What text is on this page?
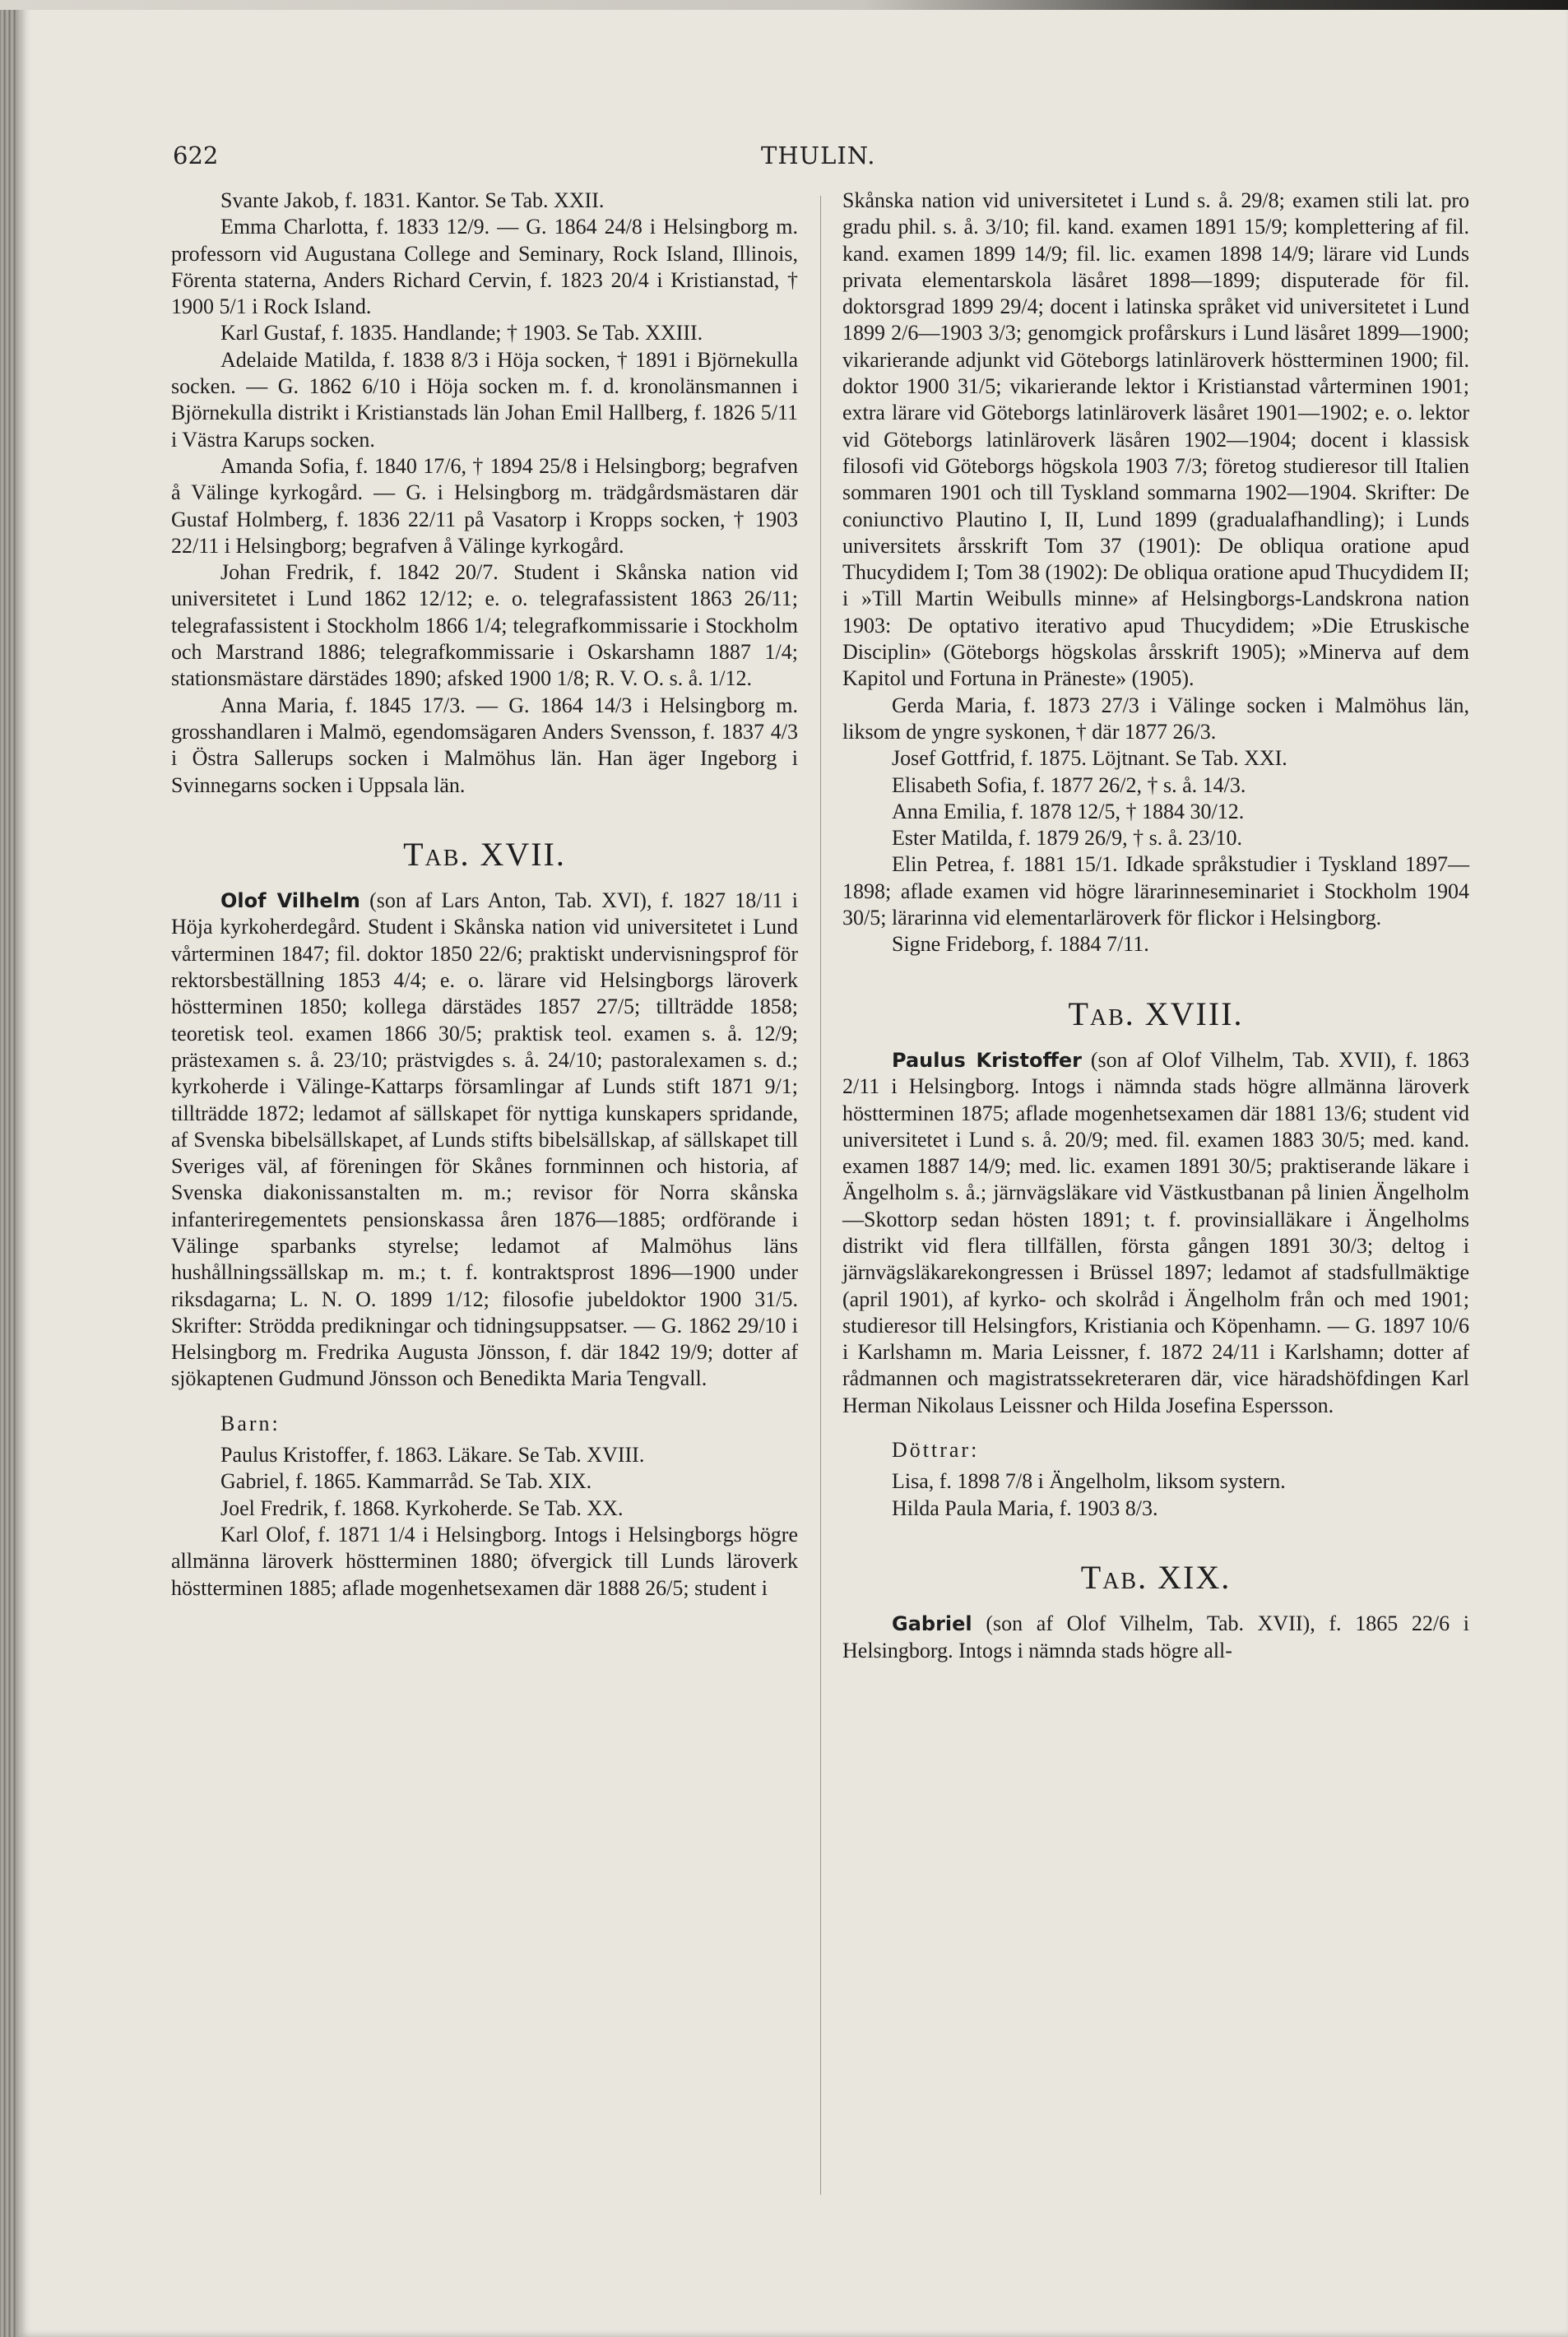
622	THULIN.

Svante Jakob, f. 1831. Kantor. Se Tab. XXII.

Emma Charlotta, f. 1833 12/9. — G. 1864 24/8 i Helsingborg m. professorn vid Augustana College and Seminary, Rock Island, Illinois, Förenta staterna, Anders Richard Cervin, f. 1823 20/4 i Kristianstad, † 1900 5/1 i Rock Island.

Karl Gustaf, f. 1835. Handlande; † 1903. Se Tab. XXIII.

Adelaide Matilda, f. 1838 8/3 i Höja socken, † 1891 i Björnekulla socken. — G. 1862 6/10 i Höja socken m. f. d. kronolänsmannen i Björnekulla distrikt i Kristianstads län Johan Emil Hallberg, f. 1826 5/11 i Västra Karups socken.

Amanda Sofia, f. 1840 17/6, † 1894 25/8 i Helsingborg; begrafven å Välinge kyrkogård. — G. i Helsingborg m. trädgårdsmästaren där Gustaf Holmberg, f. 1836 22/11 på Vasatorp i Kropps socken, † 1903 22/11 i Helsingborg; begrafven å Välinge kyrkogård.

Johan Fredrik, f. 1842 20/7. Student i Skånska nation vid universitetet i Lund 1862 12/12; e. o. telegrafassistent 1863 26/11; telegrafassistent i Stockholm 1866 1/4; telegrafkommissarie i Stockholm och Marstrand 1886; telegrafkommissarie i Oskarshamn 1887 1/4; stationsmästare därstädes 1890; afsked 1900 1/8; R. V. O. s. å. 1/12.

Anna Maria, f. 1845 17/3. — G. 1864 14/3 i Helsingborg m. grosshandlaren i Malmö, egendomsägaren Anders Svensson, f. 1837 4/3 i Östra Sallerups socken i Malmöhus län. Han äger Ingeborg i Svinnegarns socken i Uppsala län.

Tab. XVII.

Olof Vilhelm (son af Lars Anton, Tab. XVI), f. 1827 18/11 i Höja kyrkoherdegård. Student i Skånska nation vid universitetet i Lund vårterminen 1847; fil. doktor 1850 22/6; praktiskt undervisningsprof för rektorsbeställning 1853 4/4; e. o. lärare vid Helsingborgs läroverk höstterminen 1850; kollega därstädes 1857 27/5; tillträdde 1858; teoretisk teol. examen 1866 30/5; praktisk teol. examen s. å. 12/9; prästexamen s. å. 23/10; prästvigdes s. å. 24/10; pastoralexamen s. d.; kyrkoherde i Välinge-Kattarps församlingar af Lunds stift 1871 9/1; tillträdde 1872; ledamot af sällskapet för nyttiga kunskapers spridande, af Svenska bibelsällskapet, af Lunds stifts bibelsällskap, af sällskapet till Sveriges väl, af föreningen för Skånes fornminnen och historia, af Svenska diakonissanstalten m. m.; revisor för Norra skånska infanteriregementets pensionskassa åren 1876—1885; ordförande i Välinge sparbanks styrelse; ledamot af Malmöhus läns hushållningssällskap m. m.; t. f. kontraktsprost 1896—1900 under riksdagarna; L. N. O. 1899 1/12; filosofie jubeldoktor 1900 31/5. Skrifter: Strödda predikningar och tidningsuppsatser. — G. 1862 29/10 i Helsingborg m. Fredrika Augusta Jönsson, f. där 1842 19/9; dotter af sjökaptenen Gudmund Jönsson och Benedikta Maria Tengvall.

Barn:

Paulus Kristoffer, f. 1863. Läkare. Se Tab. XVIII.

Gabriel, f. 1865. Kammarråd. Se Tab. XIX.

Joel Fredrik, f. 1868. Kyrkoherde. Se Tab. XX.

Karl Olof, f. 1871 1/4 i Helsingborg. Intogs i Helsingborgs högre allmänna läroverk höstterminen 1880; öfvergick till Lunds läroverk höstterminen 1885; aflade mogenhetsexamen där 1888 26/5; student i

Skånska nation vid universitetet i Lund s. å. 29/8; examen stili lat. pro gradu phil. s. å. 3/10; fil. kand. examen 1891 15/9; komplettering af fil. kand. examen 1899 14/9; fil. lic. examen 1898 14/9; lärare vid Lunds privata elementarskola läsåret 1898—1899; disputerade för fil. doktorsgrad 1899 29/4; docent i latinska språket vid universitetet i Lund 1899 2/6—1903 3/3; genomgick profårskurs i Lund läsåret 1899—1900; vikarierande adjunkt vid Göteborgs latinläroverk höstterminen 1900; fil. doktor 1900 31/5; vikarierande lektor i Kristianstad vårterminen 1901; extra lärare vid Göteborgs latinläroverk läsåret 1901—1902; e. o. lektor vid Göteborgs latinläroverk läsåren 1902—1904; docent i klassisk filosofi vid Göteborgs högskola 1903 7/3; företog studieresor till Italien sommaren 1901 och till Tyskland sommarna 1902—1904. Skrifter: De coniunctivo Plautino I, II, Lund 1899 (gradualafhandling); i Lunds universitets årsskrift Tom 37 (1901): De obliqua oratione apud Thucydidem I; Tom 38 (1902): De obliqua oratione apud Thucydidem II; i »Till Martin Weibulls minne» af Helsingborgs-Landskrona nation 1903: De optativo iterativo apud Thucydidem; »Die Etruskische Disciplin» (Göteborgs högskolas årsskrift 1905); »Minerva auf dem Kapitol und Fortuna in Präneste» (1905).

Gerda Maria, f. 1873 27/3 i Välinge socken i Malmöhus län, liksom de yngre syskonen, † där 1877 26/3.

Josef Gottfrid, f. 1875. Löjtnant. Se Tab. XXI.

Elisabeth Sofia, f. 1877 26/2, † s. å. 14/3.

Anna Emilia, f. 1878 12/5, † 1884 30/12.

Ester Matilda, f. 1879 26/9, † s. å. 23/10.

Elin Petrea, f. 1881 15/1. Idkade språkstudier i Tyskland 1897—1898; aflade examen vid högre lärarinneseminariet i Stockholm 1904 30/5; lärarinna vid elementarläroverk för flickor i Helsingborg.

Signe Frideborg, f. 1884 7/11.

Tab. XVIII.

Paulus Kristoffer (son af Olof Vilhelm, Tab. XVII), f. 1863 2/11 i Helsingborg. Intogs i nämnda stads högre allmänna läroverk höstterminen 1875; aflade mogenhetsexamen där 1881 13/6; student vid universitetet i Lund s. å. 20/9; med. fil. examen 1883 30/5; med. kand. examen 1887 14/9; med. lic. examen 1891 30/5; praktiserande läkare i Ängelholm s. å.; järnvägsläkare vid Västkustbanan på linien Ängelholm—Skottorp sedan hösten 1891; t. f. provinsialläkare i Ängelholms distrikt vid flera tillfällen, första gången 1891 30/3; deltog i järnvägsläkarekongressen i Brüssel 1897; ledamot af stadsfullmäktige (april 1901), af kyrko- och skolråd i Ängelholm från och med 1901; studieresor till Helsingfors, Kristiania och Köpenhamn. — G. 1897 10/6 i Karlshamn m. Maria Leissner, f. 1872 24/11 i Karlshamn; dotter af rådmannen och magistratssekreteraren där, vice häradshöfdingen Karl Herman Nikolaus Leissner och Hilda Josefina Espersson.

Döttrar:

Lisa, f. 1898 7/8 i Ängelholm, liksom systern.

Hilda Paula Maria, f. 1903 8/3.

Tab. XIX.

Gabriel (son af Olof Vilhelm, Tab. XVII), f. 1865 22/6 i Helsingborg. Intogs i nämnda stads högre all-
